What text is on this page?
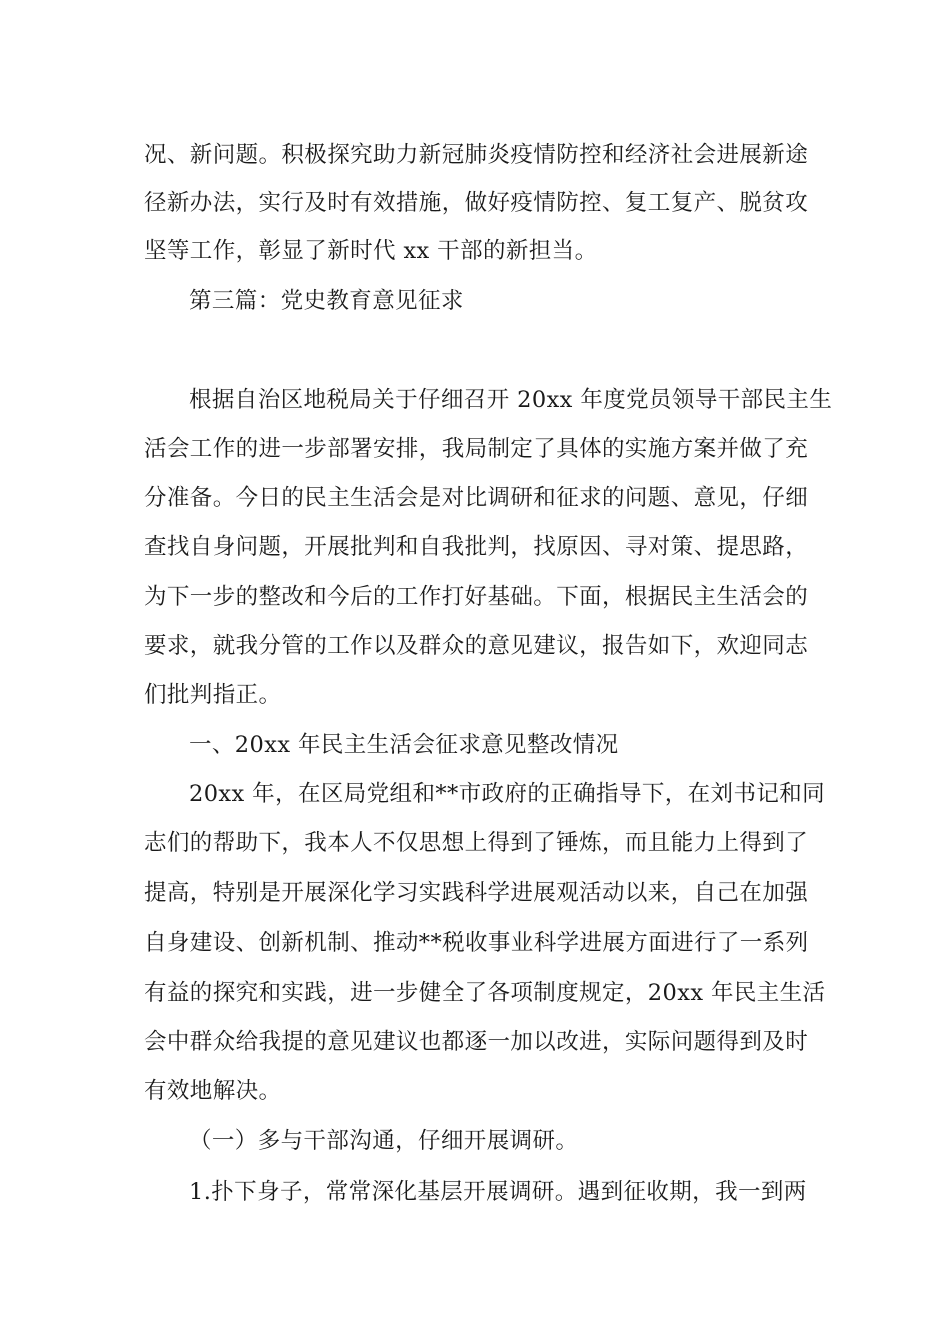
况、新问题。积极探究助力新冠肺炎疫情防控和经济社会进展新途
径新办法，实行及时有效措施，做好疫情防控、复工复产、脱贫攻
坚等工作，彰显了新时代 xx 干部的新担当。
第三篇：党史教育意见征求
根据自治区地税局关于仔细召开 20xx 年度党员领导干部民主生
活会工作的进一步部署安排，我局制定了具体的实施方案并做了充
分准备。今日的民主生活会是对比调研和征求的问题、意见，仔细
查找自身问题，开展批判和自我批判，找原因、寻对策、提思路，
为下一步的整改和今后的工作打好基础。下面，根据民主生活会的
要求，就我分管的工作以及群众的意见建议，报告如下，欢迎同志
们批判指正。
一、20xx 年民主生活会征求意见整改情况
20xx 年，在区局党组和**市政府的正确指导下，在刘书记和同
志们的帮助下，我本人不仅思想上得到了锤炼，而且能力上得到了
提高，特别是开展深化学习实践科学进展观活动以来，自己在加强
自身建设、创新机制、推动**税收事业科学进展方面进行了一系列
有益的探究和实践，进一步健全了各项制度规定，20xx 年民主生活
会中群众给我提的意见建议也都逐一加以改进，实际问题得到及时
有效地解决。
（一）多与干部沟通，仔细开展调研。
1.扑下身子，常常深化基层开展调研。遇到征收期，我一到两
